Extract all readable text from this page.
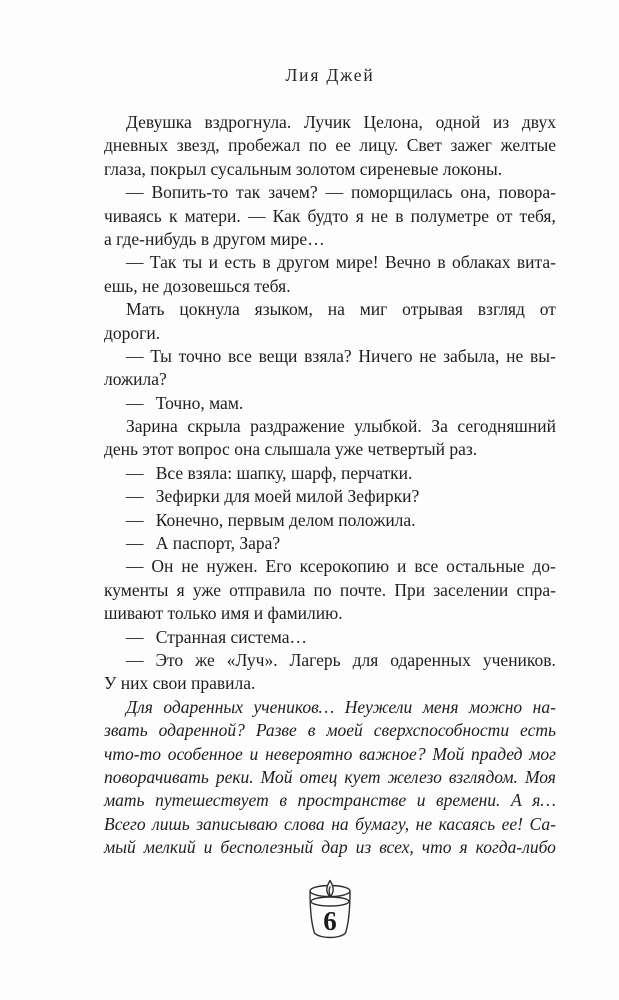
Лия Джей
Девушка вздрогнула. Лучик Целона, одной из двух
дневных звезд, пробежал по ее лицу. Свет зажег желтые
глаза, покрыл сусальным золотом сиреневые локоны.
— Вопить-то так зачем? — поморщилась она, повора-
чиваясь к матери. — Как будто я не в полуметре от тебя,
а где-нибудь в другом мире…
— Так ты и есть в другом мире! Вечно в облаках вита-
ешь, не дозовешься тебя.
Мать цокнула языком, на миг отрывая взгляд от
дороги.
— Ты точно все вещи взяла? Ничего не забыла, не вы-
ложила?
—  Точно, мам.
Зарина скрыла раздражение улыбкой. За сегодняшний
день этот вопрос она слышала уже четвертый раз.
—  Все взяла: шапку, шарф, перчатки.
—  Зефирки для моей милой Зефирки?
—  Конечно, первым делом положила.
—  А паспорт, Зара?
— Он не нужен. Его ксерокопию и все остальные до-
кументы я уже отправила по почте. При заселении спра-
шивают только имя и фамилию.
—  Странная система…
— Это же «Луч». Лагерь для одаренных учеников.
У них свои правила.
Для одаренных учеников… Неужели меня можно на-
звать одаренной? Разве в моей сверхспособности есть
что-то особенное и невероятно важное? Мой прадед мог
поворачивать реки. Мой отец кует железо взглядом. Моя
мать путешествует в пространстве и времени. А я…
Всего лишь записываю слова на бумагу, не касаясь ее! Са-
мый мелкий и бесполезный дар из всех, что я когда-либо
6
